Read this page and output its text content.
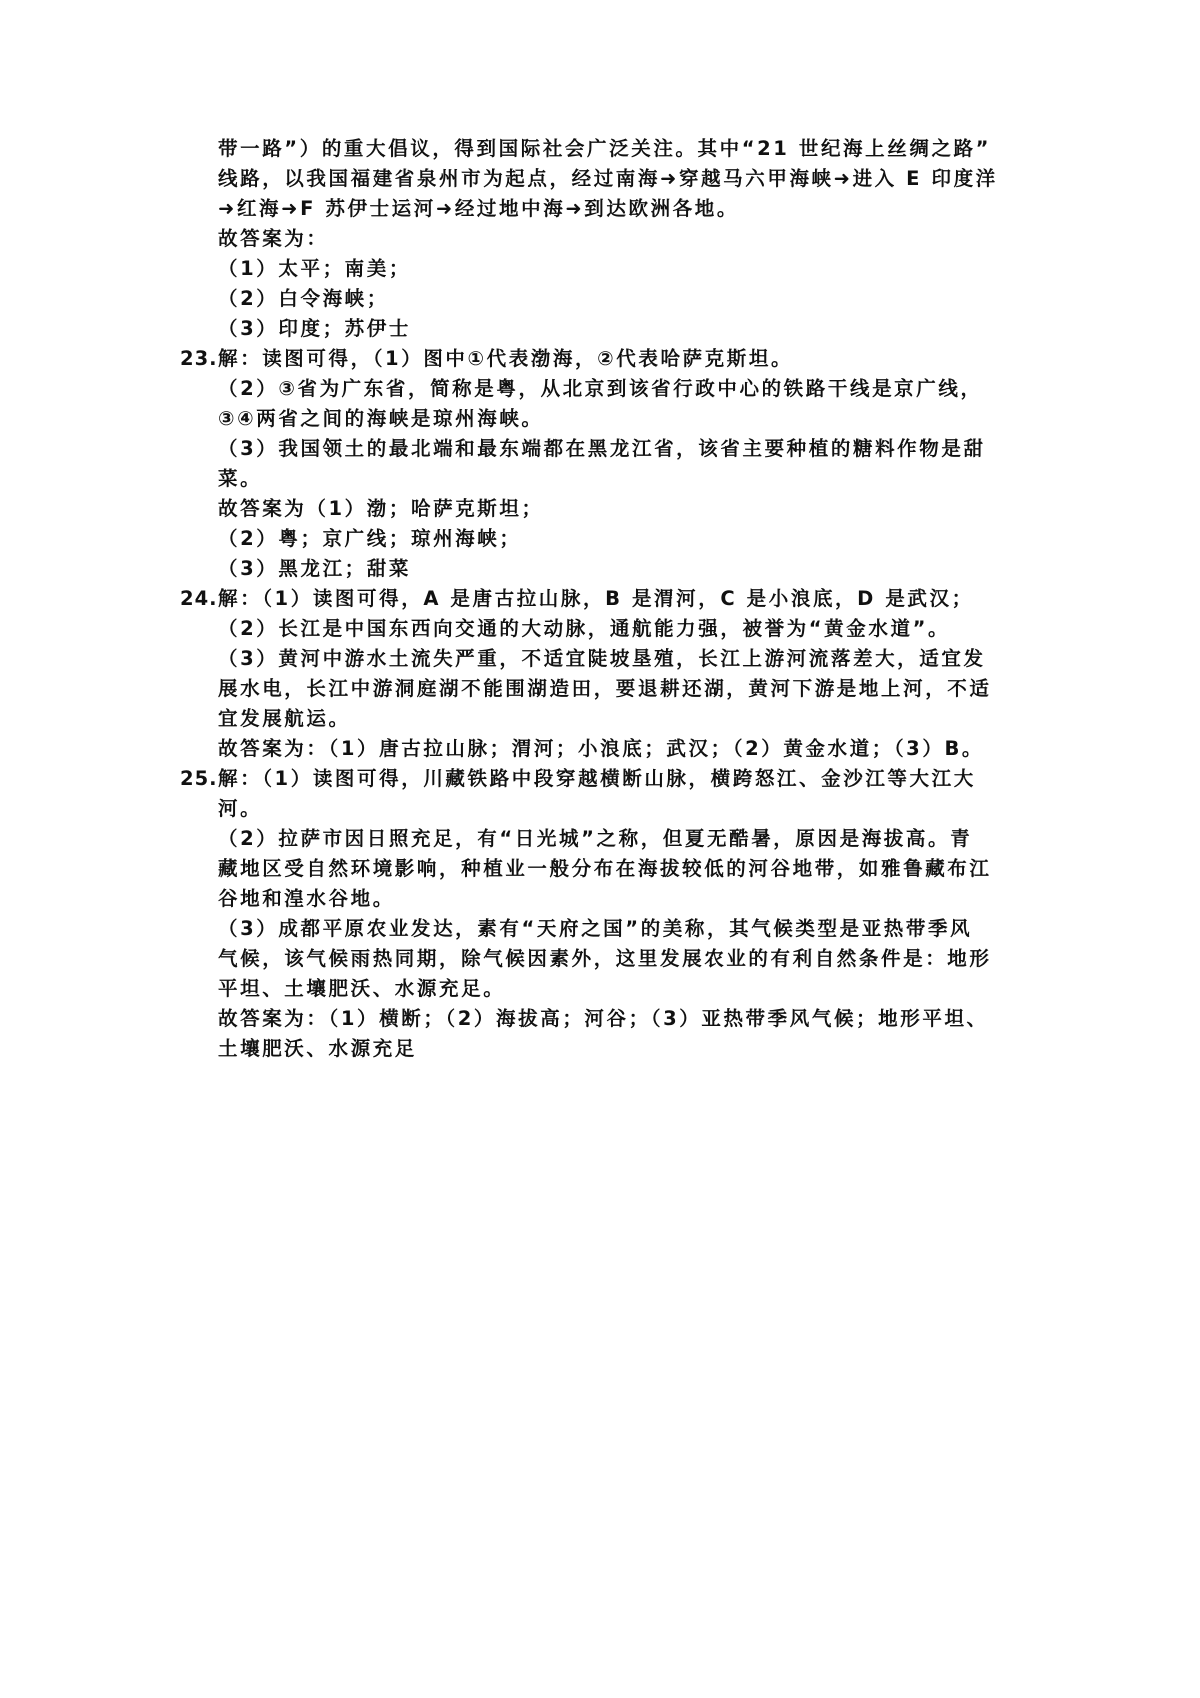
带一路”）的重大倡议，得到国际社会广泛关注。其中“21 世纪海上丝绸之路”
线路，以我国福建省泉州市为起点，经过南海➜穿越马六甲海峡➜进入 E 印度洋
➜红海➜F 苏伊士运河➜经过地中海➜到达欧洲各地。
故答案为：
（1）太平；南美；
（2）白令海峡；
（3）印度；苏伊士
23. 解：读图可得，（1）图中①代表渤海，②代表哈萨克斯坦。
（2）③省为广东省，简称是粤，从北京到该省行政中心的铁路干线是京广线，
③④两省之间的海峡是琼州海峡。
（3）我国领土的最北端和最东端都在黑龙江省，该省主要种植的糖料作物是甜
菜。
故答案为（1）渤；哈萨克斯坦；
（2）粤；京广线；琼州海峡；
（3）黑龙江；甜菜
24. 解：（1）读图可得，A 是唐古拉山脉，B 是渭河，C 是小浪底，D 是武汉；
（2）长江是中国东西向交通的大动脉，通航能力强，被誉为“黄金水道”。
（3）黄河中游水土流失严重，不适宜陡坡垦殖，长江上游河流落差大，适宜发
展水电，长江中游洞庭湖不能围湖造田，要退耕还湖，黄河下游是地上河，不适
宜发展航运。
故答案为：（1）唐古拉山脉；渭河；小浪底；武汉；（2）黄金水道；（3）B。
25. 解：（1）读图可得，川藏铁路中段穿越横断山脉，横跨怒江、金沙江等大江大
河。
（2）拉萨市因日照充足，有“日光城”之称，但夏无酷暑，原因是海拔高。青
藏地区受自然环境影响，种植业一般分布在海拔较低的河谷地带，如雅鲁藏布江
谷地和湟水谷地。
（3）成都平原农业发达，素有“天府之国”的美称，其气候类型是亚热带季风
气候，该气候雨热同期，除气候因素外，这里发展农业的有利自然条件是：地形
平坦、土壤肥沃、水源充足。
故答案为：（1）横断；（2）海拔高；河谷；（3）亚热带季风气候；地形平坦、
土壤肥沃、水源充足
